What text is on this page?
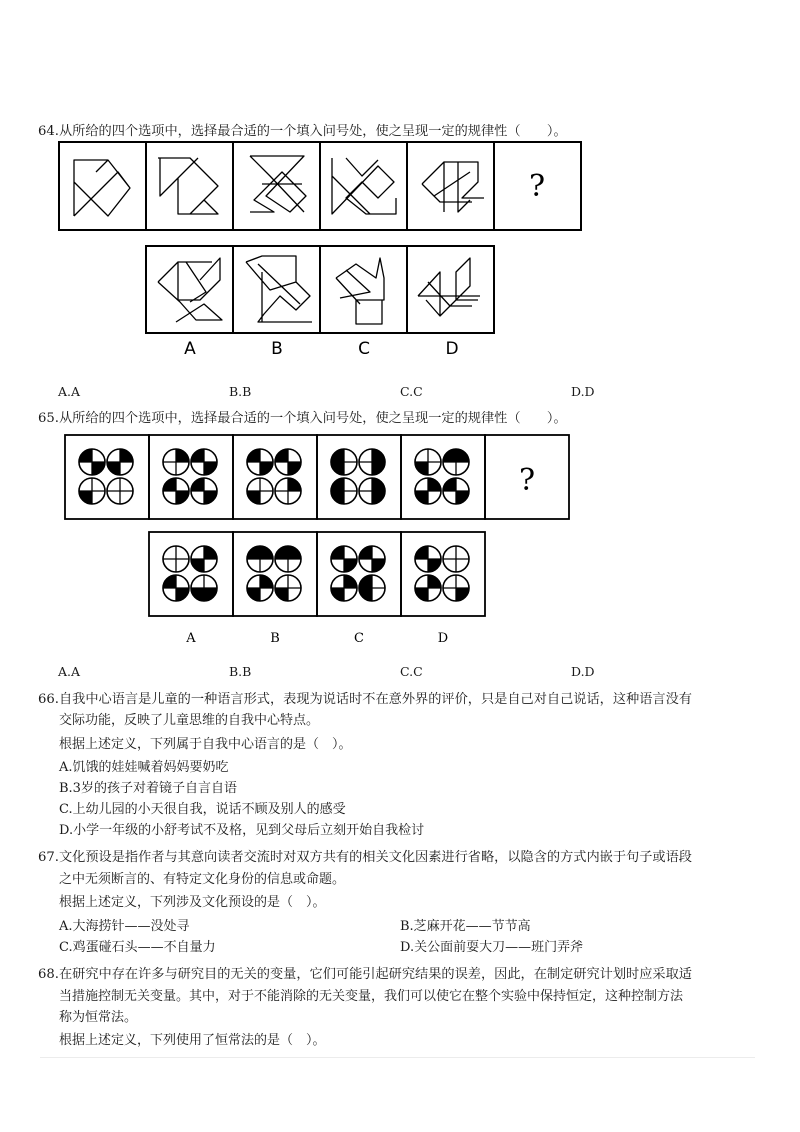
64.从所给的四个选项中，选择最合适的一个填入问号处，使之呈现一定的规律性（　　）。
?
A	B	C	D
A.A	B.B	C.C	D.D
65.从所给的四个选项中，选择最合适的一个填入问号处，使之呈现一定的规律性（　　）。
?
A	B	C	D
A.A	B.B	C.C	D.D
66.自我中心语言是儿童的一种语言形式，表现为说话时不在意外界的评价，只是自己对自己说话，这种语言没有
交际功能，反映了儿童思维的自我中心特点。
根据上述定义，下列属于自我中心语言的是（　）。
A.饥饿的娃娃喊着妈妈要奶吃
B.3岁的孩子对着镜子自言自语
C.上幼儿园的小天很自我，说话不顾及别人的感受
D.小学一年级的小舒考试不及格，见到父母后立刻开始自我检讨
67.文化预设是指作者与其意向读者交流时对双方共有的相关文化因素进行省略，以隐含的方式内嵌于句子或语段
之中无须断言的、有特定文化身份的信息或命题。
根据上述定义，下列涉及文化预设的是（　）。
A.大海捞针——没处寻	B.芝麻开花——节节高
C.鸡蛋碰石头——不自量力	D.关公面前耍大刀——班门弄斧
68.在研究中存在许多与研究目的无关的变量，它们可能引起研究结果的误差，因此，在制定研究计划时应采取适
当措施控制无关变量。其中，对于不能消除的无关变量，我们可以使它在整个实验中保持恒定，这种控制方法
称为恒常法。
根据上述定义，下列使用了恒常法的是（　）。
